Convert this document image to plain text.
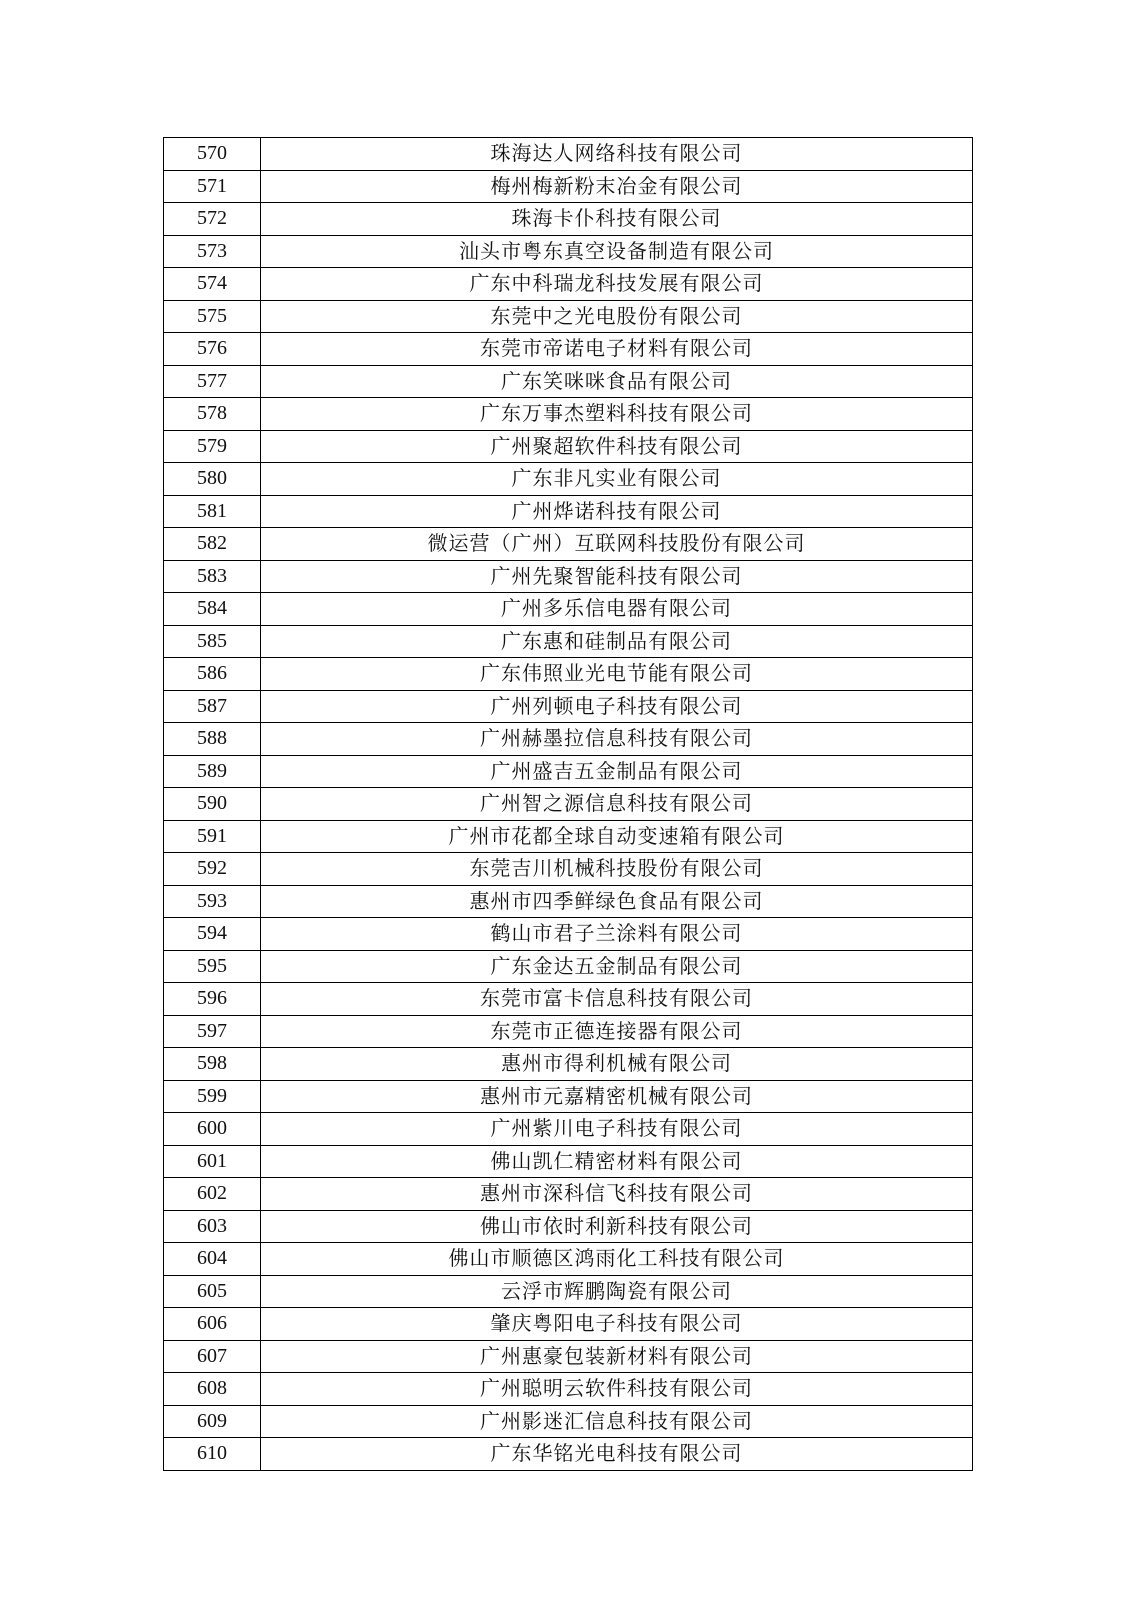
570	珠海达人网络科技有限公司
571	梅州梅新粉末冶金有限公司
572	珠海卡仆科技有限公司
573	汕头市粤东真空设备制造有限公司
574	广东中科瑞龙科技发展有限公司
575	东莞中之光电股份有限公司
576	东莞市帝诺电子材料有限公司
577	广东笑咪咪食品有限公司
578	广东万事杰塑料科技有限公司
579	广州聚超软件科技有限公司
580	广东非凡实业有限公司
581	广州烨诺科技有限公司
582	微运营（广州）互联网科技股份有限公司
583	广州先聚智能科技有限公司
584	广州多乐信电器有限公司
585	广东惠和硅制品有限公司
586	广东伟照业光电节能有限公司
587	广州列顿电子科技有限公司
588	广州赫墨拉信息科技有限公司
589	广州盛吉五金制品有限公司
590	广州智之源信息科技有限公司
591	广州市花都全球自动变速箱有限公司
592	东莞吉川机械科技股份有限公司
593	惠州市四季鲜绿色食品有限公司
594	鹤山市君子兰涂料有限公司
595	广东金达五金制品有限公司
596	东莞市富卡信息科技有限公司
597	东莞市正德连接器有限公司
598	惠州市得利机械有限公司
599	惠州市元嘉精密机械有限公司
600	广州紫川电子科技有限公司
601	佛山凯仁精密材料有限公司
602	惠州市深科信飞科技有限公司
603	佛山市依时利新科技有限公司
604	佛山市顺德区鸿雨化工科技有限公司
605	云浮市辉鹏陶瓷有限公司
606	肇庆粤阳电子科技有限公司
607	广州惠豪包装新材料有限公司
608	广州聪明云软件科技有限公司
609	广州影迷汇信息科技有限公司
610	广东华铭光电科技有限公司
